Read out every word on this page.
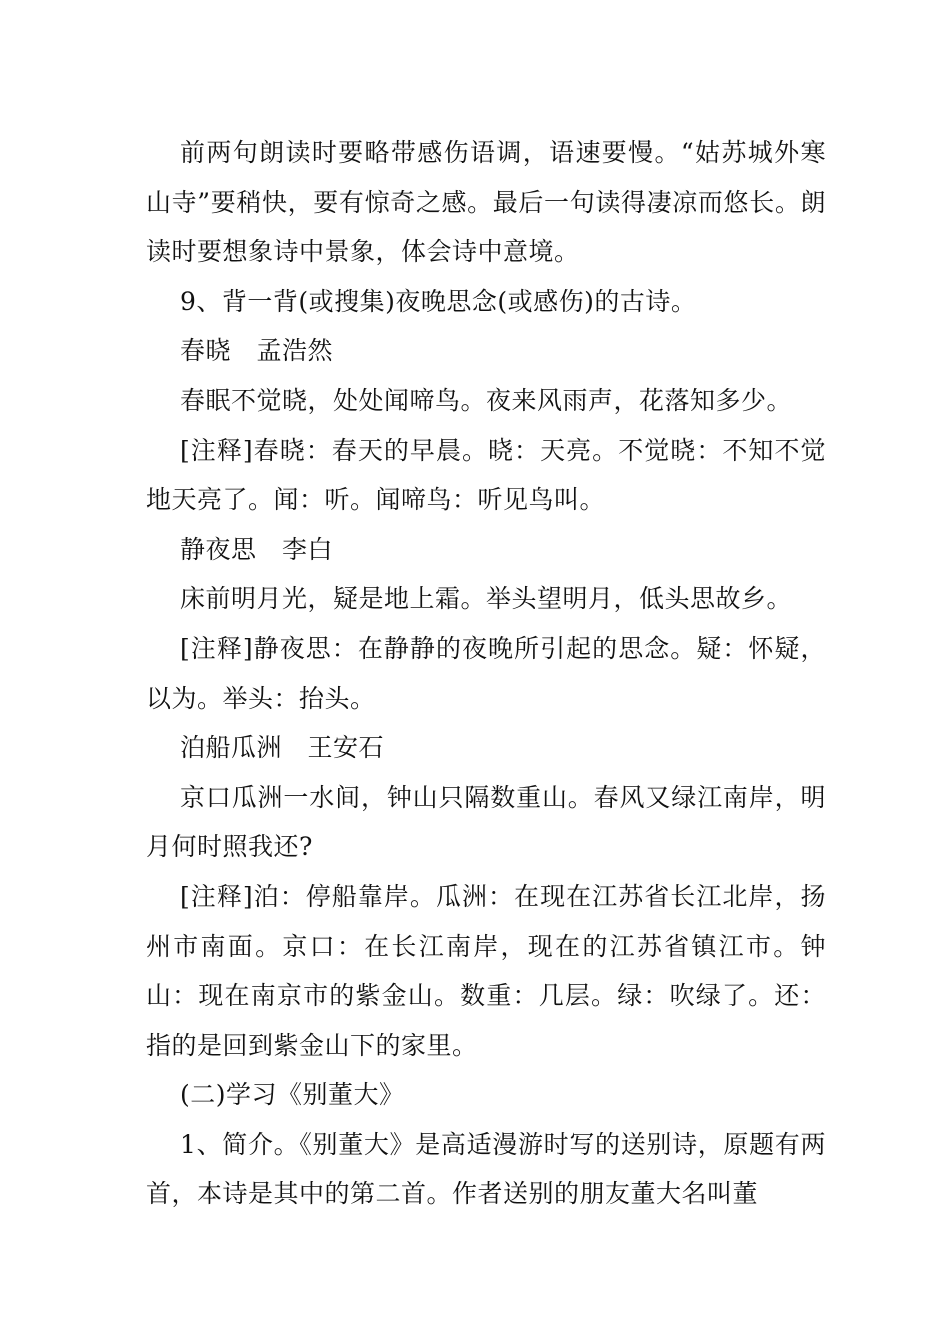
前两句朗读时要略带感伤语调，语速要慢。“姑苏城外寒山寺”要稍快，要有惊奇之感。最后一句读得凄凉而悠长。朗读时要想象诗中景象，体会诗中意境。

9、背一背(或搜集)夜晚思念(或感伤)的古诗。

春晓　孟浩然

春眠不觉晓，处处闻啼鸟。夜来风雨声，花落知多少。

[注释]春晓：春天的早晨。晓：天亮。不觉晓：不知不觉地天亮了。闻：听。闻啼鸟：听见鸟叫。

静夜思　李白

床前明月光，疑是地上霜。举头望明月，低头思故乡。

[注释]静夜思：在静静的夜晚所引起的思念。疑：怀疑，以为。举头：抬头。

泊船瓜洲　王安石

京口瓜洲一水间，钟山只隔数重山。春风又绿江南岸，明月何时照我还?

[注释]泊：停船靠岸。瓜洲：在现在江苏省长江北岸，扬州市南面。京口：在长江南岸，现在的江苏省镇江市。钟山：现在南京市的紫金山。数重：几层。绿：吹绿了。还：指的是回到紫金山下的家里。

(二)学习《别董大》

1、简介。《别董大》是高适漫游时写的送别诗，原题有两首，本诗是其中的第二首。作者送别的朋友董大名叫董
